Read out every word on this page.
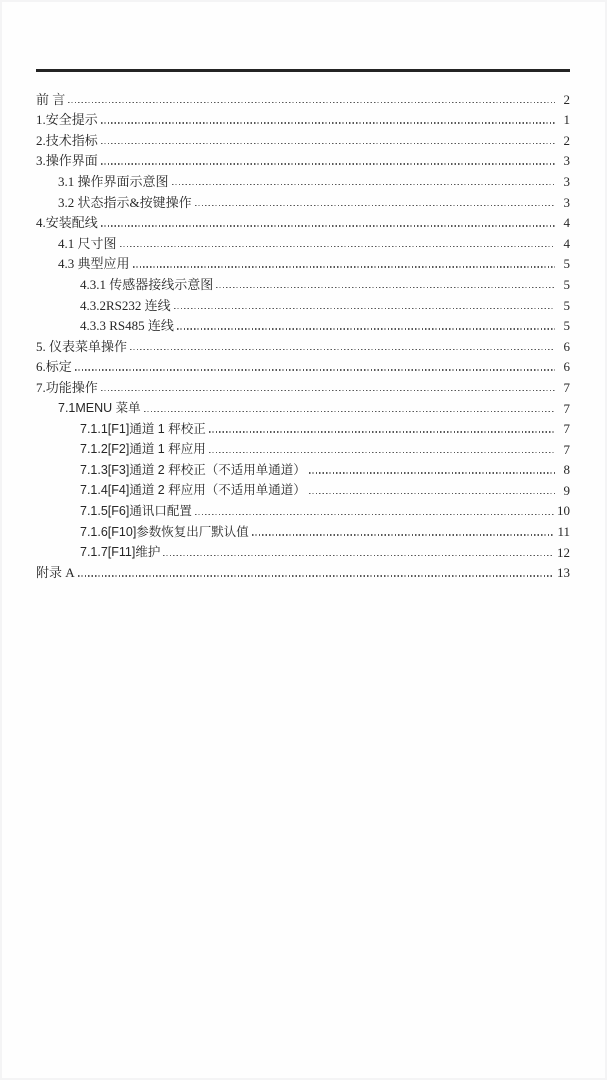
前 言	2
1.安全提示	1
2.技术指标	2
3.操作界面	3
3.1 操作界面示意图	3
3.2 状态指示&按键操作	3
4.安装配线	4
4.1 尺寸图	4
4.3 典型应用	5
4.3.1 传感器接线示意图	5
4.3.2RS232 连线	5
4.3.3 RS485 连线	5
5. 仪表菜单操作	6
6.标定	6
7.功能操作	7
7.1MENU 菜单	7
7.1.1[F1]通道 1 秤校正	7
7.1.2[F2]通道 1 秤应用	7
7.1.3[F3]通道 2 秤校正（不适用单通道）	8
7.1.4[F4]通道 2 秤应用（不适用单通道）	9
7.1.5[F6]通讯口配置	10
7.1.6[F10]参数恢复出厂默认值	11
7.1.7[F11]维护	12
附录 A	13
